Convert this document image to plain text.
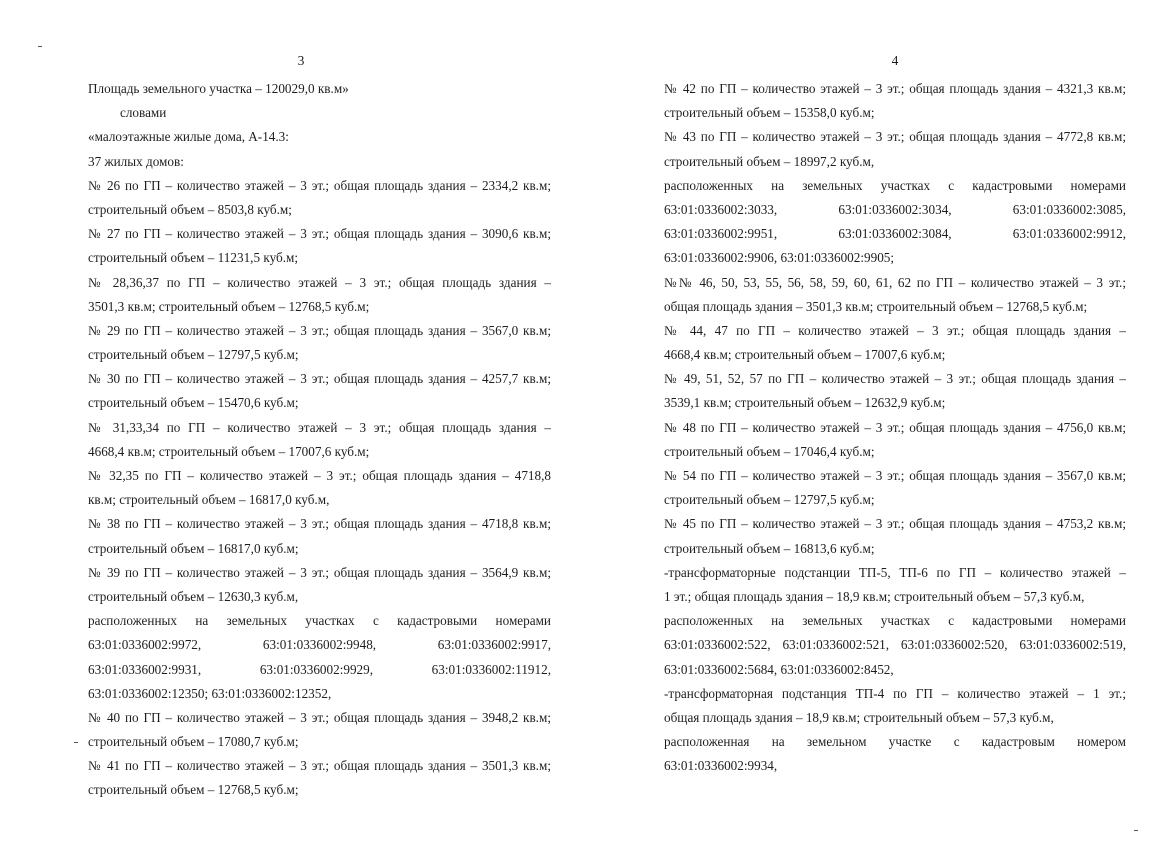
3
Площадь земельного участка – 120029,0 кв.м»
словами
«малоэтажные жилые дома, А-14.3:
37 жилых домов:
№ 26 по ГП – количество этажей – 3 эт.; общая площадь здания – 2334,2 кв.м;
строительный объем – 8503,8 куб.м;
№ 27 по ГП – количество этажей – 3 эт.; общая площадь здания – 3090,6 кв.м;
строительный объем – 11231,5 куб.м;
№ 28,36,37 по ГП – количество этажей – 3 эт.; общая площадь здания –
3501,3 кв.м; строительный объем – 12768,5 куб.м;
№ 29 по ГП – количество этажей – 3 эт.; общая площадь здания – 3567,0 кв.м;
строительный объем – 12797,5 куб.м;
№ 30 по ГП – количество этажей – 3 эт.; общая площадь здания – 4257,7 кв.м;
строительный объем – 15470,6 куб.м;
№ 31,33,34 по ГП – количество этажей – 3 эт.; общая площадь здания –
4668,4 кв.м; строительный объем – 17007,6 куб.м;
№ 32,35 по ГП – количество этажей – 3 эт.; общая площадь здания – 4718,8
кв.м; строительный объем – 16817,0 куб.м,
№ 38 по ГП – количество этажей – 3 эт.; общая площадь здания – 4718,8 кв.м;
строительный объем – 16817,0 куб.м;
№ 39 по ГП – количество этажей – 3 эт.; общая площадь здания – 3564,9 кв.м;
строительный объем – 12630,3 куб.м,
расположенных на земельных участках с кадастровыми номерами
63:01:0336002:9972, 63:01:0336002:9948, 63:01:0336002:9917,
63:01:0336002:9931, 63:01:0336002:9929, 63:01:0336002:11912,
63:01:0336002:12350; 63:01:0336002:12352,
№ 40 по ГП – количество этажей – 3 эт.; общая площадь здания – 3948,2 кв.м;
строительный объем – 17080,7 куб.м;
№ 41 по ГП – количество этажей – 3 эт.; общая площадь здания – 3501,3 кв.м;
строительный объем – 12768,5 куб.м;
4
№ 42 по ГП – количество этажей – 3 эт.; общая площадь здания – 4321,3 кв.м;
строительный объем – 15358,0 куб.м;
№ 43 по ГП – количество этажей – 3 эт.; общая площадь здания – 4772,8 кв.м;
строительный объем – 18997,2 куб.м,
расположенных на земельных участках с кадастровыми номерами
63:01:0336002:3033, 63:01:0336002:3034, 63:01:0336002:3085,
63:01:0336002:9951, 63:01:0336002:3084, 63:01:0336002:9912,
63:01:0336002:9906, 63:01:0336002:9905;
№№ 46, 50, 53, 55, 56, 58, 59, 60, 61, 62 по ГП – количество этажей – 3 эт.;
общая площадь здания – 3501,3 кв.м; строительный объем – 12768,5 куб.м;
№ 44, 47 по ГП – количество этажей – 3 эт.; общая площадь здания –
4668,4 кв.м; строительный объем – 17007,6 куб.м;
№ 49, 51, 52, 57 по ГП – количество этажей – 3 эт.; общая площадь здания –
3539,1 кв.м; строительный объем – 12632,9 куб.м;
№ 48 по ГП – количество этажей – 3 эт.; общая площадь здания – 4756,0 кв.м;
строительный объем – 17046,4 куб.м;
№ 54 по ГП – количество этажей – 3 эт.; общая площадь здания – 3567,0 кв.м;
строительный объем – 12797,5 куб.м;
№ 45 по ГП – количество этажей – 3 эт.; общая площадь здания – 4753,2 кв.м;
строительный объем – 16813,6 куб.м;
-трансформаторные подстанции ТП-5, ТП-6 по ГП – количество этажей –
1 эт.; общая площадь здания – 18,9 кв.м; строительный объем – 57,3 куб.м,
расположенных на земельных участках с кадастровыми номерами
63:01:0336002:522, 63:01:0336002:521, 63:01:0336002:520, 63:01:0336002:519,
63:01:0336002:5684, 63:01:0336002:8452,
-трансформаторная подстанция ТП-4 по ГП – количество этажей – 1 эт.;
общая площадь здания – 18,9 кв.м; строительный объем – 57,3 куб.м,
расположенная на земельном участке с кадастровым номером
63:01:0336002:9934,
